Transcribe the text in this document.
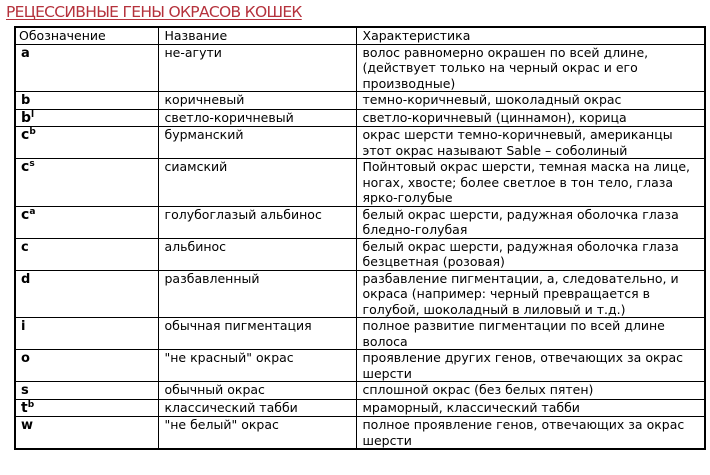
РЕЦЕССИВНЫЕ ГЕНЫ ОКРАСОВ КОШЕК
Обозначение	Название	Характеристика
a	не-агути	волос равномерно окрашен по всей длине, (действует только на черный окрас и его производные)
b	коричневый	темно-коричневый, шоколадный окрас
$b^l$	светло-коричневый	светло-коричневый (циннамон), корица
$c^b$	бурманский	окрас шерсти темно-коричневый, американцы этот окрас называют Sable – соболиный
$c^s$	сиамский	Пойнтовый окрас шерсти, темная маска на лице, ногах, хвосте; более светлое в тон тело, глаза ярко-голубые
$c^a$	голубоглазый альбинос	белый окрас шерсти, радужная оболочка глаза бледно-голубая
c	альбинос	белый окрас шерсти, радужная оболочка глаза безцветная (розовая)
d	разбавленный	разбавление пигментации, а, следовательно, и окраса (например: черный превращается в голубой, шоколадный в лиловый и т.д.)
i	обычная пигментация	полное развитие пигментации по всей длине волоса
o	"не красный" окрас	проявление других генов, отвечающих за окрас шерсти
s	обычный окрас	сплошной окрас (без белых пятен)
$t^b$	классический табби	мраморный, классический табби
w	"не белый" окрас	полное проявление генов, отвечающих за окрас шерсти
